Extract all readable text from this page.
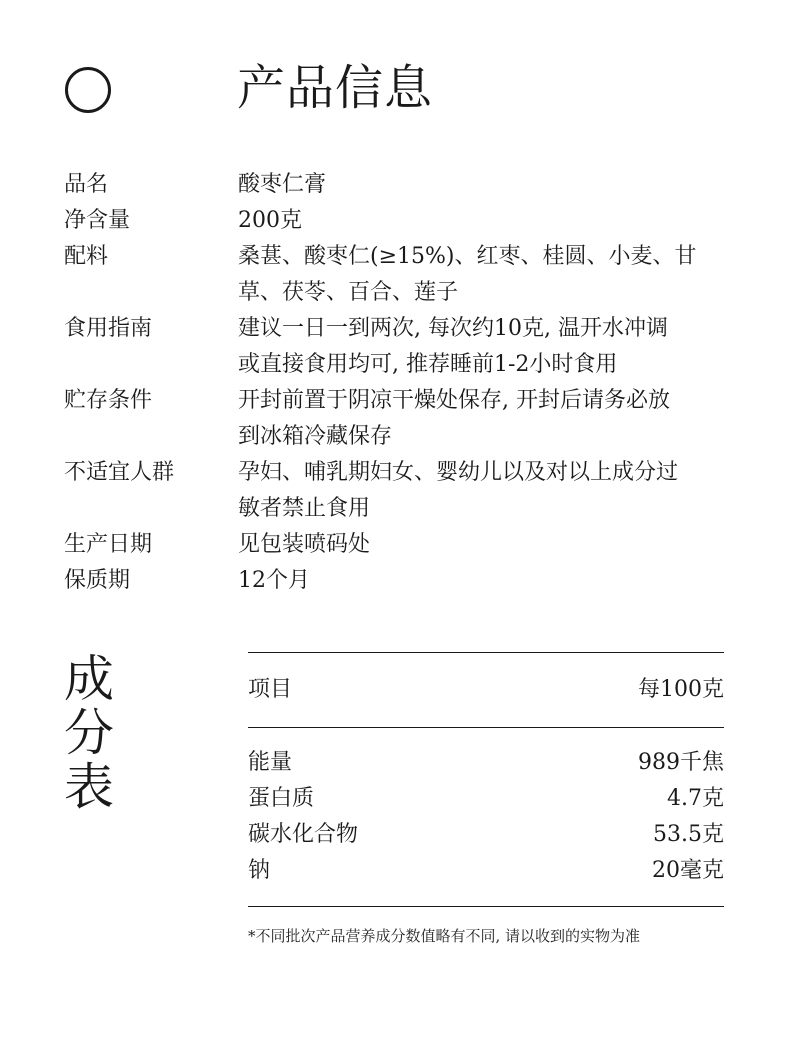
产品信息
品名	酸枣仁膏
净含量	200克
配料	桑葚、酸枣仁(≥15%)、红枣、桂圆、小麦、甘
草、茯苓、百合、莲子
食用指南	建议一日一到两次, 每次约10克, 温开水冲调
或直接食用均可, 推荐睡前1-2小时食用
贮存条件	开封前置于阴凉干燥处保存, 开封后请务必放
到冰箱冷藏保存
不适宜人群	孕妇、哺乳期妇女、婴幼儿以及对以上成分过
敏者禁止食用
生产日期	见包装喷码处
保质期	12个月
成
分
表
项目	每100克
能量	989千焦
蛋白质	4.7克
碳水化合物	53.5克
钠	20毫克
*不同批次产品营养成分数值略有不同, 请以收到的实物为准
